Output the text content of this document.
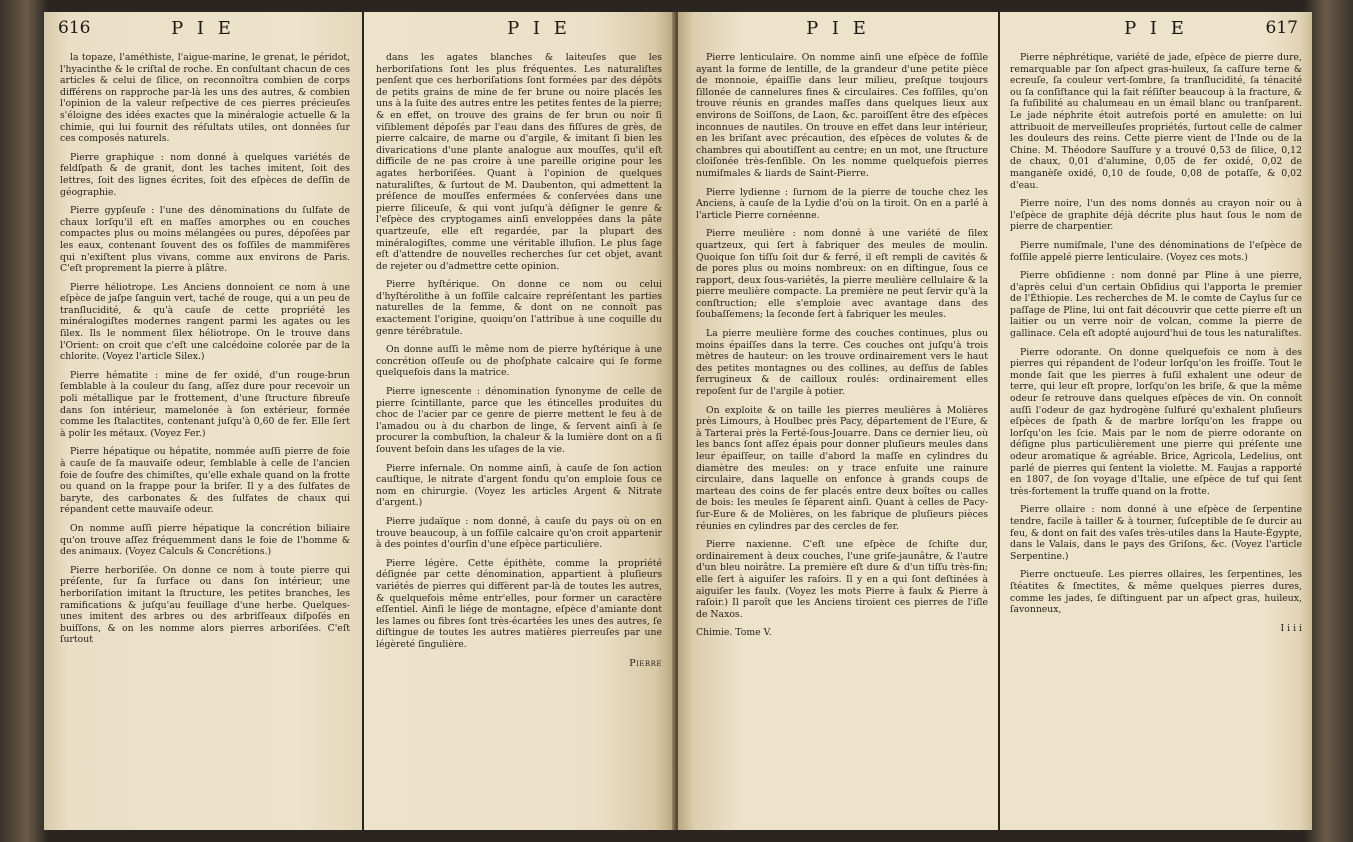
616	P I E

la topaze, l'améthiste, l'aigue-marine, le grenat, le péridot, l'hyacinthe & le criſtal de roche. En conſultant chacun de ces articles & celui de ſilice, on reconnoîtra combien de corps différens on rapproche par-là les uns des autres, & combien l'opinion de la valeur reſpective de ces pierres précieuſes s'éloigne des idées exactes que la minéralogie actuelle & la chimie, qui lui fournit des réſultats utiles, ont données ſur ces composés naturels.

Pierre graphique : nom donné à quelques variétés de feldſpath & de granit, dont les taches imitent, ſoit des lettres, ſoit des lignes écrites, ſoit des eſpèces de deſſin de géographie.

Pierre gypſeuſe : l'une des dénominations du ſulfate de chaux lorſqu'il eſt en maſſes amorphes ou en couches compactes plus ou moins mélangées ou pures, dépoſées par les eaux, contenant ſouvent des os foſſiles de mammifères qui n'exiſtent plus vivans, comme aux environs de Paris. C'eſt proprement la pierre à plâtre.

Pierre héliotrope. Les Anciens donnoient ce nom à une eſpèce de jaſpe ſanguin vert, taché de rouge, qui a un peu de tranſlucidité, & qu'à cauſe de cette propriété les minéralogiſtes modernes rangent parmi les agates ou les ſilex. Ils le nomment ſilex héliotrope. On le trouve dans l'Orient: on croit que c'eſt une calcédoine colorée par de la chlorite. (Voyez l'article Silex.)

Pierre hématite : mine de fer oxidé, d'un rouge-brun ſemblable à la couleur du ſang, aſſez dure pour recevoir un poli métallique par le frottement, d'une ſtructure fibreuſe dans ſon intérieur, mamelonée à ſon extérieur, formée comme les ſtalactites, contenant juſqu'à 0,60 de fer. Elle ſert à polir les métaux. (Voyez Fer.)

Pierre hépatique ou hépatite, nommée auſſi pierre de foie à cauſe de ſa mauvaiſe odeur, ſemblable à celle de l'ancien foie de ſoufre des chimiſtes, qu'elle exhale quand on la frotte ou quand on la frappe pour la briſer. Il y a des ſulfates de baryte, des carbonates & des ſulfates de chaux qui répandent cette mauvaiſe odeur.

On nomme auſſi pierre hépatique la concrétion biliaire qu'on trouve aſſez fréquemment dans le foie de l'homme & des animaux. (Voyez Calculs & Concrétions.)

Pierre herboriſée. On donne ce nom à toute pierre qui préſente, ſur ſa ſurface ou dans ſon intérieur, une herboriſation imitant la ſtructure, les petites branches, les ramifications & juſqu'au feuillage d'une herbe. Quelques-unes imitent des arbres ou des arbriſſeaux diſpoſés en buiſſons, & on les nomme alors pierres arboriſées. C'eſt ſurtout

P I E

dans les agates blanches & laiteuſes que les herboriſations ſont les plus fréquentes. Les naturaliſtes penſent que ces herboriſations ſont formées par des dépôts de petits grains de mine de fer brune ou noire placés les uns à la ſuite des autres entre les petites fentes de la pierre; & en effet, on trouve des grains de fer brun ou noir ſi viſiblement dépoſés par l'eau dans des fiſſures de grès, de pierre calcaire, de marne ou d'argile, & imitant ſi bien les divarications d'une plante analogue aux mouſſes, qu'il eſt difficile de ne pas croire à une pareille origine pour les agates herboriſées. Quant à l'opinion de quelques naturaliſtes, & ſurtout de M. Daubenton, qui admettent la préſence de mouſſes enfermées & conſervées dans une pierre ſiliceuſe, & qui vont juſqu'à déſigner le genre & l'eſpèce des cryptogames ainſi enveloppées dans la pâte quartzeuſe, elle eſt regardée, par la plupart des minéralogiſtes, comme une véritable illuſion. Le plus ſage eſt d'attendre de nouvelles recherches ſur cet objet, avant de rejeter ou d'admettre cette opinion.

Pierre hyſtérique. On donne ce nom ou celui d'hyſtérolithe à un foſſile calcaire repréſentant les parties naturelles de la femme, & dont on ne connoît pas exactement l'origine, quoiqu'on l'attribue à une coquille du genre térébratule.

On donne auſſi le même nom de pierre hyſtérique à une concrétion oſſeuſe ou de phoſphate calcaire qui ſe forme quelquefois dans la matrice.

Pierre ignescente : dénomination ſynonyme de celle de pierre ſcintillante, parce que les étincelles produites du choc de l'acier par ce genre de pierre mettent le feu à de l'amadou ou à du charbon de linge, & ſervent ainſi à ſe procurer la combuſtion, la chaleur & la lumière dont on a ſi ſouvent beſoin dans les uſages de la vie.

Pierre infernale. On nomme ainſi, à cauſe de ſon action cauſtique, le nitrate d'argent fondu qu'on emploie ſous ce nom en chirurgie. (Voyez les articles Argent & Nitrate d'argent.)

Pierre judaïque : nom donné, à cauſe du pays où on en trouve beaucoup, à un foſſile calcaire qu'on croit appartenir à des pointes d'ourſin d'une eſpèce particulière.

Pierre légère. Cette épithète, comme la propriété déſignée par cette dénomination, appartient à pluſieurs variétés de pierres qui diffèrent par-là de toutes les autres, & quelquefois même entr'elles, pour former un caractère eſſentiel. Ainſi le liége de montagne, eſpèce d'amiante dont les lames ou fibres ſont très-écartées les unes des autres, ſe diſtingue de toutes les autres matières pierreuſes par une légèreté ſingulière.

Pierre
P I E

Pierre lenticulaire. On nomme ainſi une eſpèce de foſſile ayant la forme de lentille, de la grandeur d'une petite pièce de monnoie, épaiſſie dans leur milieu, preſque toujours ſillonée de cannelures fines & circulaires. Ces foſſiles, qu'on trouve réunis en grandes maſſes dans quelques lieux aux environs de Soiſſons, de Laon, &c. paroiſſent être des eſpèces inconnues de nautiles. On trouve en effet dans leur intérieur, en les briſant avec précaution, des eſpèces de volutes & de chambres qui aboutiſſent au centre; en un mot, une ſtructure cloiſonée très-ſenſible. On les nomme quelquefois pierres numiſmales & liards de Saint-Pierre.

Pierre lydienne : ſurnom de la pierre de touche chez les Anciens, à cauſe de la Lydie d'où on la tiroit. On en a parlé à l'article Pierre cornéenne.

Pierre meulière : nom donné à une variété de ſilex quartzeux, qui ſert à fabriquer des meules de moulin. Quoique ſon tiſſu ſoit dur & ferré, il eſt rempli de cavités & de pores plus ou moins nombreux: on en diſtingue, ſous ce rapport, deux ſous-variétés, la pierre meulière cellulaire & la pierre meulière compacte. La première ne peut ſervir qu'à la conſtruction; elle s'emploie avec avantage dans des ſoubaſſemens; la ſeconde ſert à fabriquer les meules.

La pierre meulière forme des couches continues, plus ou moins épaiſſes dans la terre. Ces couches ont juſqu'à trois mètres de hauteur: on les trouve ordinairement vers le haut des petites montagnes ou des collines, au deſſus de ſables ferrugineux & de cailloux roulés: ordinairement elles repoſent ſur de l'argile à potier.

On exploite & on taille les pierres meulières à Molières près Limours, à Houlbec près Pacy, département de l'Eure, & à Tarterai près la Ferté-ſous-Jouarre. Dans ce dernier lieu, où les bancs ſont aſſez épais pour donner pluſieurs meules dans leur épaiſſeur, on taille d'abord la maſſe en cylindres du diamètre des meules: on y trace enſuite une rainure circulaire, dans laquelle on enfonce à grands coups de marteau des coins de fer placés entre deux boîtes ou calles de bois: les meules ſe ſéparent ainſi. Quant à celles de Pacy-ſur-Eure & de Molières, on les fabrique de pluſieurs pièces réunies en cylindres par des cercles de fer.

Pierre naxienne. C'eſt une eſpèce de ſchiſte dur, ordinairement à deux couches, l'une griſe-jaunâtre, & l'autre d'un bleu noirâtre. La première eſt dure & d'un tiſſu très-fin; elle ſert à aiguiſer les raſoirs. Il y en a qui ſont deſtinées à aiguiſer les faulx. (Voyez les mots Pierre à faulx & Pierre à raſoir.) Il paroît que les Anciens tiroient ces pierres de l'iſle de Naxos.

Chimie. Tome V.
P I E	617

Pierre néphrétique, variété de jade, eſpèce de pierre dure, remarquable par ſon aſpect gras-huileux, ſa caſſure terne & ecreuſe, ſa couleur vert-ſombre, ſa tranſlucidité, ſa ténacité ou ſa conſiſtance qui la fait réſiſter beaucoup à la fracture, & ſa fuſibilité au chalumeau en un émail blanc ou tranſparent. Le jade néphrite étoit autrefois porté en amulette: on lui attribuoit de merveilleuſes propriétés, ſurtout celle de calmer les douleurs des reins. Cette pierre vient de l'Inde ou de la Chine. M. Théodore Sauſſure y a trouvé 0,53 de ſilice, 0,12 de chaux, 0,01 d'alumine, 0,05 de fer oxidé, 0,02 de manganèſe oxidé, 0,10 de ſoude, 0,08 de potaſſe, & 0,02 d'eau.

Pierre noire, l'un des noms donnés au crayon noir ou à l'eſpèce de graphite déjà décrite plus haut ſous le nom de pierre de charpentier.

Pierre numiſmale, l'une des dénominations de l'eſpèce de foſſile appelé pierre lenticulaire. (Voyez ces mots.)

Pierre obſidienne : nom donné par Pline à une pierre, d'après celui d'un certain Obſidius qui l'apporta le premier de l'Éthiopie. Les recherches de M. le comte de Caylus ſur ce paſſage de Pline, lui ont fait découvrir que cette pierre eſt un laitier ou un verre noir de volcan, comme la pierre de gallinace. Cela eſt adopté aujourd'hui de tous les naturaliſtes.

Pierre odorante. On donne quelquefois ce nom à des pierres qui répandent de l'odeur lorſqu'on les froiſſe. Tout le monde ſait que les pierres à fuſil exhalent une odeur de terre, qui leur eſt propre, lorſqu'on les briſe, & que la même odeur ſe retrouve dans quelques eſpèces de vin. On connoît auſſi l'odeur de gaz hydrogène ſulfuré qu'exhalent pluſieurs eſpèces de ſpath & de marbre lorſqu'on les frappe ou lorſqu'on les ſcie. Mais par le nom de pierre odorante on déſigne plus particulièrement une pierre qui préſente une odeur aromatique & agréable. Brice, Agricola, Ledelius, ont parlé de pierres qui ſentent la violette. M. Faujas a rapporté en 1807, de ſon voyage d'Italie, une eſpèce de tuf qui ſent très-fortement la truffe quand on la frotte.

Pierre ollaire : nom donné à une eſpèce de ſerpentine tendre, facile à tailler & à tourner, ſuſceptible de ſe durcir au feu, & dont on fait des vaſes très-utiles dans la Haute-Égypte, dans le Valais, dans le pays des Griſons, &c. (Voyez l'article Serpentine.)

Pierre onctueuſe. Les pierres ollaires, les ſerpentines, les ſtéatites & ſmectites, & même quelques pierres dures, comme les jades, ſe diſtinguent par un aſpect gras, huileux, ſavonneux,

I i i i
